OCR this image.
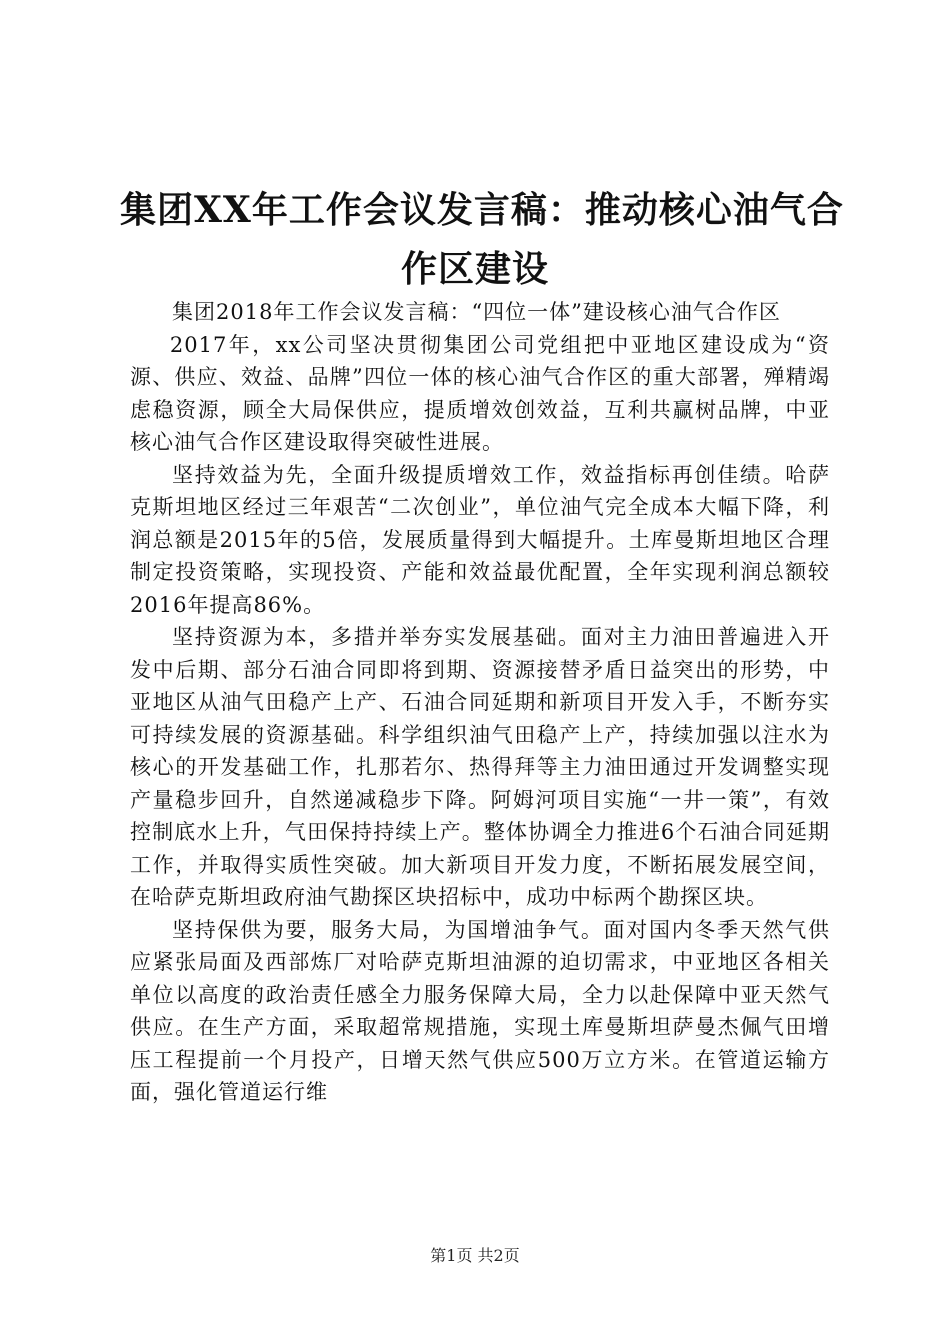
集团XX年工作会议发言稿：推动核心油气合
作区建设

集团2018年工作会议发言稿：“四位一体”建设核心油气合作区

2017年，xx公司坚决贯彻集团公司党组把中亚地区建设成为“资源、供应、效益、品牌”四位一体的核心油气合作区的重大部署，殚精竭虑稳资源，顾全大局保供应，提质增效创效益，互利共赢树品牌，中亚核心油气合作区建设取得突破性进展。

坚持效益为先，全面升级提质增效工作，效益指标再创佳绩。哈萨克斯坦地区经过三年艰苦“二次创业”，单位油气完全成本大幅下降，利润总额是2015年的5倍，发展质量得到大幅提升。土库曼斯坦地区合理制定投资策略，实现投资、产能和效益最优配置，全年实现利润总额较2016年提高86%。

坚持资源为本，多措并举夯实发展基础。面对主力油田普遍进入开发中后期、部分石油合同即将到期、资源接替矛盾日益突出的形势，中亚地区从油气田稳产上产、石油合同延期和新项目开发入手，不断夯实可持续发展的资源基础。科学组织油气田稳产上产，持续加强以注水为核心的开发基础工作，扎那若尔、热得拜等主力油田通过开发调整实现产量稳步回升，自然递减稳步下降。阿姆河项目实施“一井一策”，有效控制底水上升，气田保持持续上产。整体协调全力推进6个石油合同延期工作，并取得实质性突破。加大新项目开发力度，不断拓展发展空间，在哈萨克斯坦政府油气勘探区块招标中，成功中标两个勘探区块。

坚持保供为要，服务大局，为国增油争气。面对国内冬季天然气供应紧张局面及西部炼厂对哈萨克斯坦油源的迫切需求，中亚地区各相关单位以高度的政治责任感全力服务保障大局，全力以赴保障中亚天然气供应。在生产方面，采取超常规措施，实现土库曼斯坦萨曼杰佩气田增压工程提前一个月投产，日增天然气供应500万立方米。在管道运输方面，强化管道运行维

第1页 共2页
